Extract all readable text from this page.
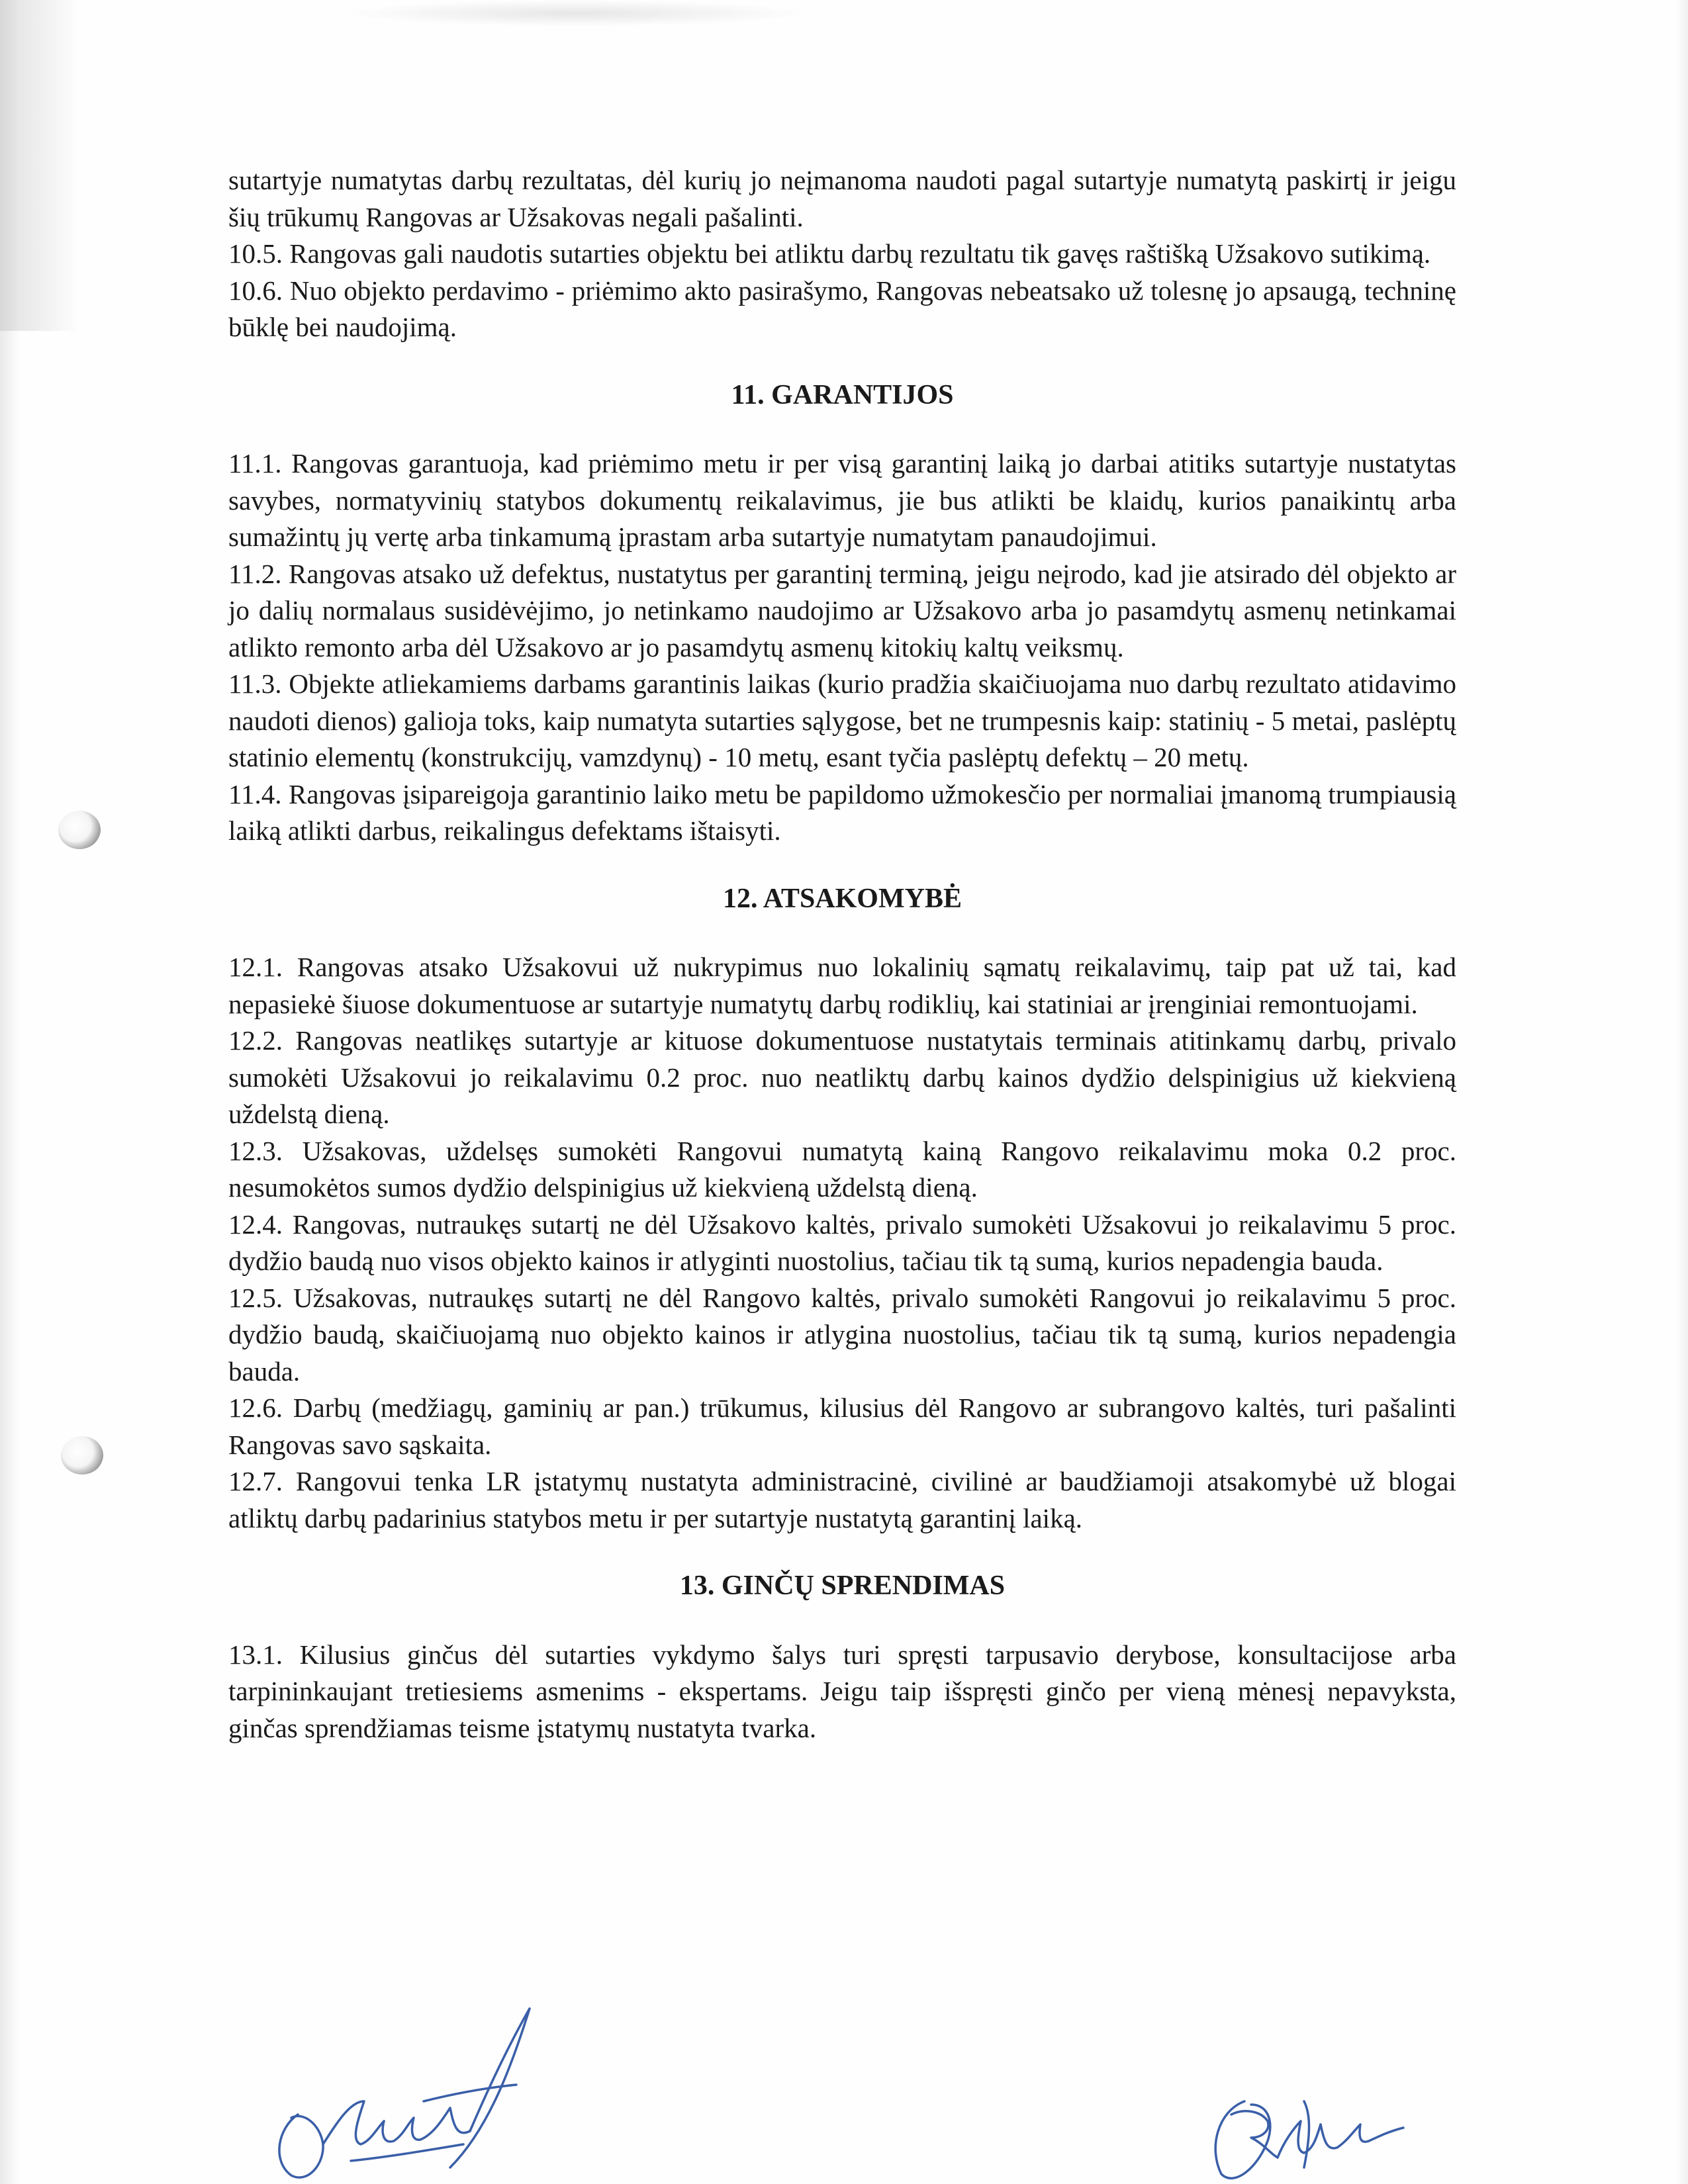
sutartyje numatytas darbų rezultatas, dėl kurių jo neįmanoma naudoti pagal sutartyje numatytą paskirtį ir jeigu šių trūkumų Rangovas ar Užsakovas negali pašalinti.

10.5. Rangovas gali naudotis sutarties objektu bei atliktu darbų rezultatu tik gavęs raštišką Užsakovo sutikimą.

10.6. Nuo objekto perdavimo - priėmimo akto pasirašymo, Rangovas nebeatsako už tolesnę jo apsaugą, techninę būklę bei naudojimą.

11. GARANTIJOS

11.1. Rangovas garantuoja, kad priėmimo metu ir per visą garantinį laiką jo darbai atitiks sutartyje nustatytas savybes, normatyvinių statybos dokumentų reikalavimus, jie bus atlikti be klaidų, kurios panaikintų arba sumažintų jų vertę arba tinkamumą įprastam arba sutartyje numatytam panaudojimui.

11.2. Rangovas atsako už defektus, nustatytus per garantinį terminą, jeigu neįrodo, kad jie atsirado dėl objekto ar jo dalių normalaus susidėvėjimo, jo netinkamo naudojimo ar Užsakovo arba jo pasamdytų asmenų netinkamai atlikto remonto arba dėl Užsakovo ar jo pasamdytų asmenų kitokių kaltų veiksmų.

11.3. Objekte atliekamiems darbams garantinis laikas (kurio pradžia skaičiuojama nuo darbų rezultato atidavimo naudoti dienos) galioja toks, kaip numatyta sutarties sąlygose, bet ne trumpesnis kaip: statinių - 5 metai, paslėptų statinio elementų (konstrukcijų, vamzdynų) - 10 metų, esant tyčia paslėptų defektų – 20 metų.

11.4. Rangovas įsipareigoja garantinio laiko metu be papildomo užmokesčio per normaliai įmanomą trumpiausią laiką atlikti darbus, reikalingus defektams ištaisyti.

12. ATSAKOMYBĖ

12.1. Rangovas atsako Užsakovui už nukrypimus nuo lokalinių sąmatų reikalavimų, taip pat už tai, kad nepasiekė šiuose dokumentuose ar sutartyje numatytų darbų rodiklių, kai statiniai ar įrenginiai remontuojami.

12.2. Rangovas neatlikęs sutartyje ar kituose dokumentuose nustatytais terminais atitinkamų darbų, privalo sumokėti Užsakovui jo reikalavimu 0.2 proc. nuo neatliktų darbų kainos dydžio delspinigius už kiekvieną uždelstą dieną.

12.3. Užsakovas, uždelsęs sumokėti Rangovui numatytą kainą Rangovo reikalavimu moka 0.2 proc. nesumokėtos sumos dydžio delspinigius už kiekvieną uždelstą dieną.

12.4. Rangovas, nutraukęs sutartį ne dėl Užsakovo kaltės, privalo sumokėti Užsakovui jo reikalavimu 5 proc. dydžio baudą nuo visos objekto kainos ir atlyginti nuostolius, tačiau tik tą sumą, kurios nepadengia bauda.

12.5. Užsakovas, nutraukęs sutartį ne dėl Rangovo kaltės, privalo sumokėti Rangovui jo reikalavimu 5 proc. dydžio baudą, skaičiuojamą nuo objekto kainos ir atlygina nuostolius, tačiau tik tą sumą, kurios nepadengia bauda.

12.6. Darbų (medžiagų, gaminių ar pan.) trūkumus, kilusius dėl Rangovo ar subrangovo kaltės, turi pašalinti Rangovas savo sąskaita.

12.7. Rangovui tenka LR įstatymų nustatyta administracinė, civilinė ar baudžiamoji atsakomybė už blogai atliktų darbų padarinius statybos metu ir per sutartyje nustatytą garantinį laiką.

13. GINČŲ SPRENDIMAS

13.1. Kilusius ginčus dėl sutarties vykdymo šalys turi spręsti tarpusavio derybose, konsultacijose arba tarpininkaujant tretiesiems asmenims - ekspertams. Jeigu taip išspręsti ginčo per vieną mėnesį nepavyksta, ginčas sprendžiamas teisme įstatymų nustatyta tvarka.
